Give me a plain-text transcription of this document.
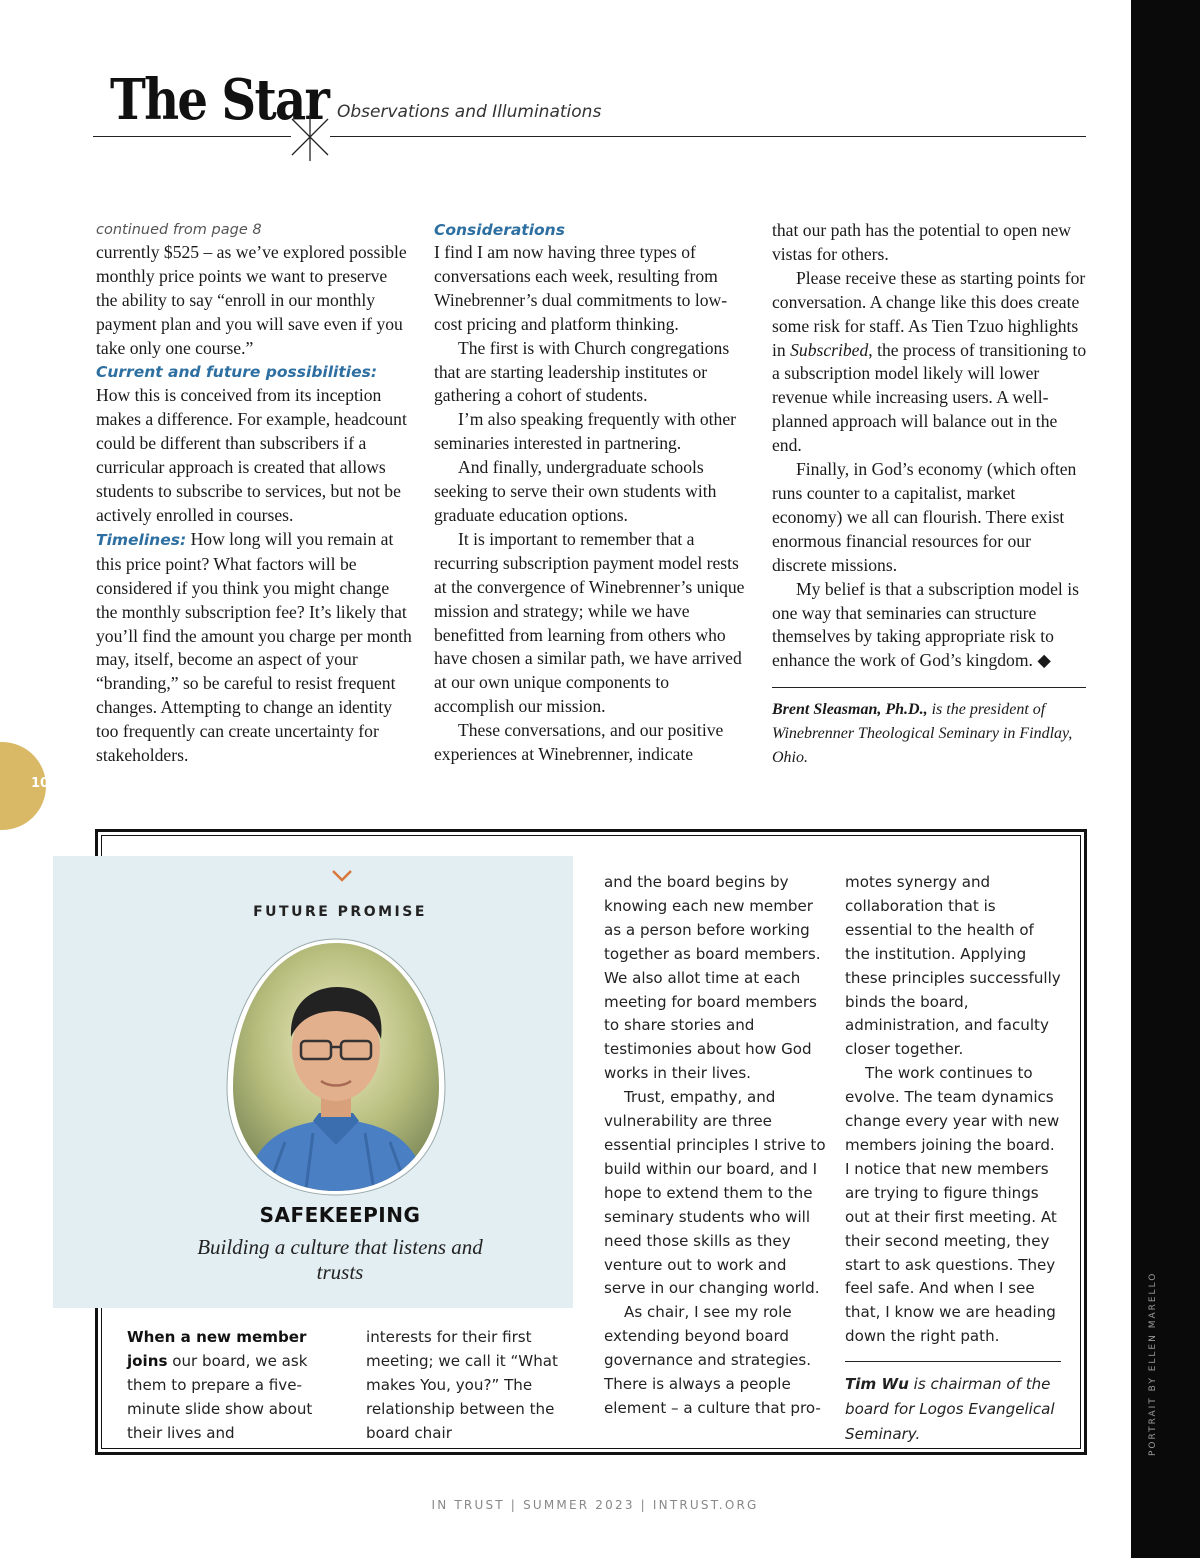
The Star Observations and Illuminations

continued from page 8

currently $525 – as we’ve explored possible monthly price points we want to preserve the ability to say “enroll in our monthly payment plan and you will save even if you take only one course.”

Current and future possibilities:

How this is conceived from its inception makes a difference. For example, headcount could be different than subscribers if a curricular approach is created that allows students to subscribe to services, but not be actively enrolled in courses.

Timelines: How long will you remain at this price point? What factors will be considered if you think you might change the monthly subscription fee? It’s likely that you’ll find the amount you charge per month may, itself, become an aspect of your “branding,” so be careful to resist frequent changes. Attempting to change an identity too frequently can create uncertainty for stakeholders.

Considerations

I find I am now having three types of conversations each week, resulting from Winebrenner’s dual commitments to low-cost pricing and platform thinking.

The first is with Church congregations that are starting leadership institutes or gathering a cohort of students.

I’m also speaking frequently with other seminaries interested in partnering.

And finally, undergraduate schools seeking to serve their own students with graduate education options.

It is important to remember that a recurring subscription payment model rests at the convergence of Winebrenner’s unique mission and strategy; while we have benefitted from learning from others who have chosen a similar path, we have arrived at our own unique components to accomplish our mission.

These conversations, and our positive experiences at Winebrenner, indicate

that our path has the potential to open new vistas for others.

Please receive these as starting points for conversation. A change like this does create some risk for staff. As Tien Tzuo highlights in Subscribed, the process of transitioning to a subscription model likely will lower revenue while increasing users. A well-planned approach will balance out in the end.

Finally, in God’s economy (which often runs counter to a capitalist, market economy) we all can flourish. There exist enormous financial resources for our discrete missions.

My belief is that a subscription model is one way that seminaries can structure themselves by taking appropriate risk to enhance the work of God’s kingdom. ◆

Brent Sleasman, Ph.D., is the president of Winebrenner Theological Seminary in Findlay, Ohio.

10
FUTURE PROMISE
SAFEKEEPING
Building a culture that listens and trusts

When a new member joins our board, we ask them to prepare a five-minute slide show about their lives and

interests for their first meeting; we call it “What makes You, you?” The relationship between the board chair

and the board begins by knowing each new member as a person before working together as board members. We also allot time at each meeting for board members to share stories and testimonies about how God works in their lives.

Trust, empathy, and vulnerability are three essential principles I strive to build within our board, and I hope to extend them to the seminary students who will need those skills as they venture out to work and serve in our changing world.

As chair, I see my role extending beyond board governance and strategies. There is always a people element – a culture that pro-

motes synergy and collaboration that is essential to the health of the institution. Applying these principles successfully binds the board, administration, and faculty closer together.

The work continues to evolve. The team dynamics change every year with new members joining the board. I notice that new members are trying to figure things out at their first meeting. At their second meeting, they start to ask questions. They feel safe. And when I see that, I know we are heading down the right path.

Tim Wu is chairman of the board for Logos Evangelical Seminary.	PORTRAIT BY ELLEN MARELLO
IN TRUST | SUMMER 2023 | INTRUST.ORG
